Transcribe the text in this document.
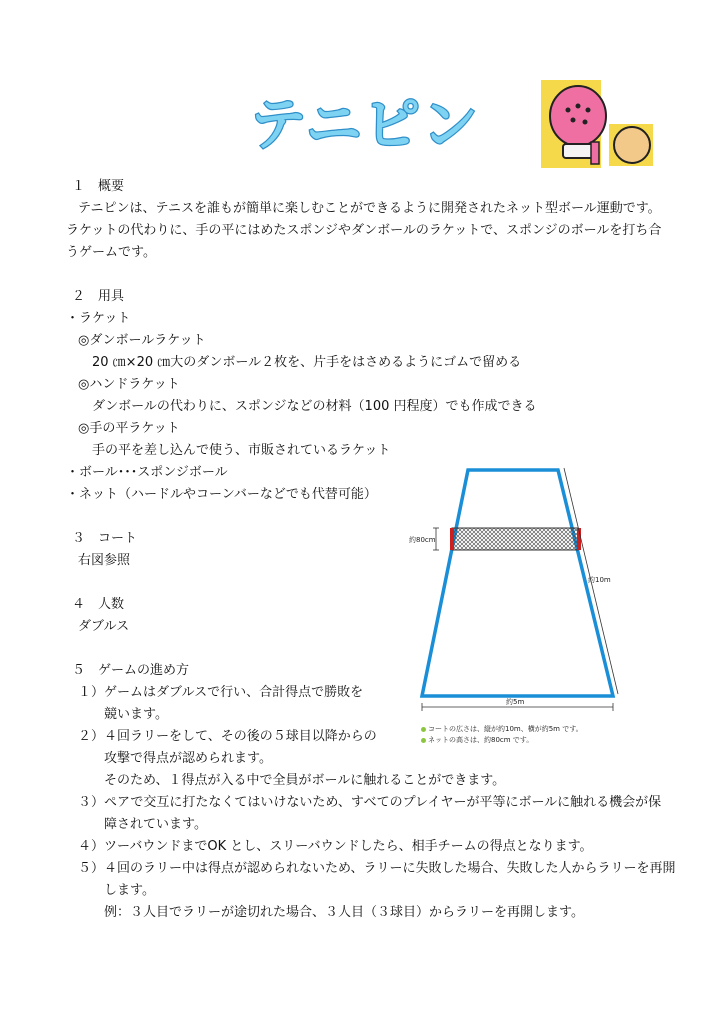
テニピン
１　概要
テニピンは、テニスを誰もが簡単に楽しむことができるように開発されたネット型ボール運動です。
ラケットの代わりに、手の平にはめたスポンジやダンボールのラケットで、スポンジのボールを打ち合
うゲームです。
２　用具
・ラケット
◎ダンボールラケット
20 ㎝×20 ㎝大のダンボール２枚を、片手をはさめるようにゴムで留める
◎ハンドラケット
ダンボールの代わりに、スポンジなどの材料（100 円程度）でも作成できる
◎手の平ラケット
手の平を差し込んで使う、市販されているラケット
・ボール･･･スポンジボール
・ネット（ハードルやコーンバーなどでも代替可能）
３　コート
右図参照
４　人数
ダブルス
５　ゲームの進め方
１）ゲームはダブルスで行い、合計得点で勝敗を
競います。
２）４回ラリーをして、その後の５球目以降からの
攻撃で得点が認められます。
そのため、１得点が入る中で全員がボールに触れることができます。
３）ペアで交互に打たなくてはいけないため、すべてのプレイヤーが平等にボールに触れる機会が保
障されています。
４）ツーバウンドまでOK とし、スリーバウンドしたら、相手チームの得点となります。
５）４回のラリー中は得点が認められないため、ラリーに失敗した場合、失敗した人からラリーを再開
します。
例：３人目でラリーが途切れた場合、３人目（３球目）からラリーを再開します。
約80cm
約10m
約5m
コートの広さは、縦が約10m、横が約5m です。
ネットの高さは、約80cm です。
